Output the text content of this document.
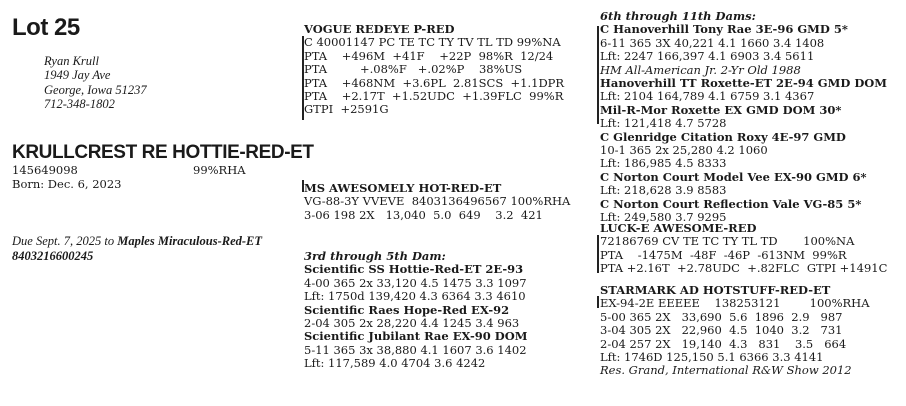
Lot 25
Ryan Krull
1949 Jay Ave
George, Iowa 51237
712-348-1802
KRULLCREST RE HOTTIE-RED-ET
145649098	99%RHA
Born: Dec. 6, 2023
Due Sept. 7, 2025 to Maples Miraculous-Red-ET 8403216600245
VOGUE REDEYE P-RED
C 40001147 PC TE TC TY TV TL TD 99%NA
PTA    +496M  +41F    +22P  98%R  12/24
PTA         +.08%F   +.02%P    38%US
PTA    +468NM  +3.6PL  2.81SCS  +1.1DPR
PTA    +2.17T  +1.52UDC  +1.39FLC  99%R
GTPI  +2591G
MS AWESOMELY HOT-RED-ET
VG-88-3Y VVEVE  8403136496567 100%RHA
3-06 198 2X   13,040  5.0  649    3.2  421
3rd through 5th Dam:
Scientific SS Hottie-Red-ET 2E-93
4-00 365 2x 33,120 4.5 1475 3.3 1097
Lft: 1750d 139,420 4.3 6364 3.3 4610
Scientific Raes Hope-Red EX-92
2-04 305 2x 28,220 4.4 1245 3.4 963
Scientific Jubilant Rae EX-90 DOM
5-11 365 3x 38,880 4.1 1607 3.6 1402
Lft: 117,589 4.0 4704 3.6 4242
6th through 11th Dams:
C Hanoverhill Tony Rae 3E-96 GMD 5*
6-11 365 3X 40,221 4.1 1660 3.4 1408
Lft: 2247 166,397 4.1 6903 3.4 5611
HM All-American Jr. 2-Yr Old 1988
Hanoverhill TT Roxette-ET 2E-94 GMD DOM
Lft: 2104 164,789 4.1 6759 3.1 4367
Mil-R-Mor Roxette EX GMD DOM 30*
Lft: 121,418 4.7 5728
C Glenridge Citation Roxy 4E-97 GMD
10-1 365 2x 25,280 4.2 1060
Lft: 186,985 4.5 8333
C Norton Court Model Vee EX-90 GMD 6*
Lft: 218,628 3.9 8583
C Norton Court Reflection Vale VG-85 5*
Lft: 249,580 3.7 9295
LUCK-E AWESOME-RED
72186769 CV TE TC TY TL TD       100%NA
PTA    -1475M  -48F  -46P  -613NM  99%R
PTA +2.16T  +2.78UDC  +.82FLC  GTPI +1491C
STARMARK AD HOTSTUFF-RED-ET
EX-94-2E EEEEE    138253121        100%RHA
5-00 365 2X   33,690  5.6  1896  2.9   987
3-04 305 2X   22,960  4.5  1040  3.2   731
2-04 257 2X   19,140  4.3   831    3.5   664
Lft: 1746D 125,150 5.1 6366 3.3 4141
Res. Grand, International R&W Show 2012
